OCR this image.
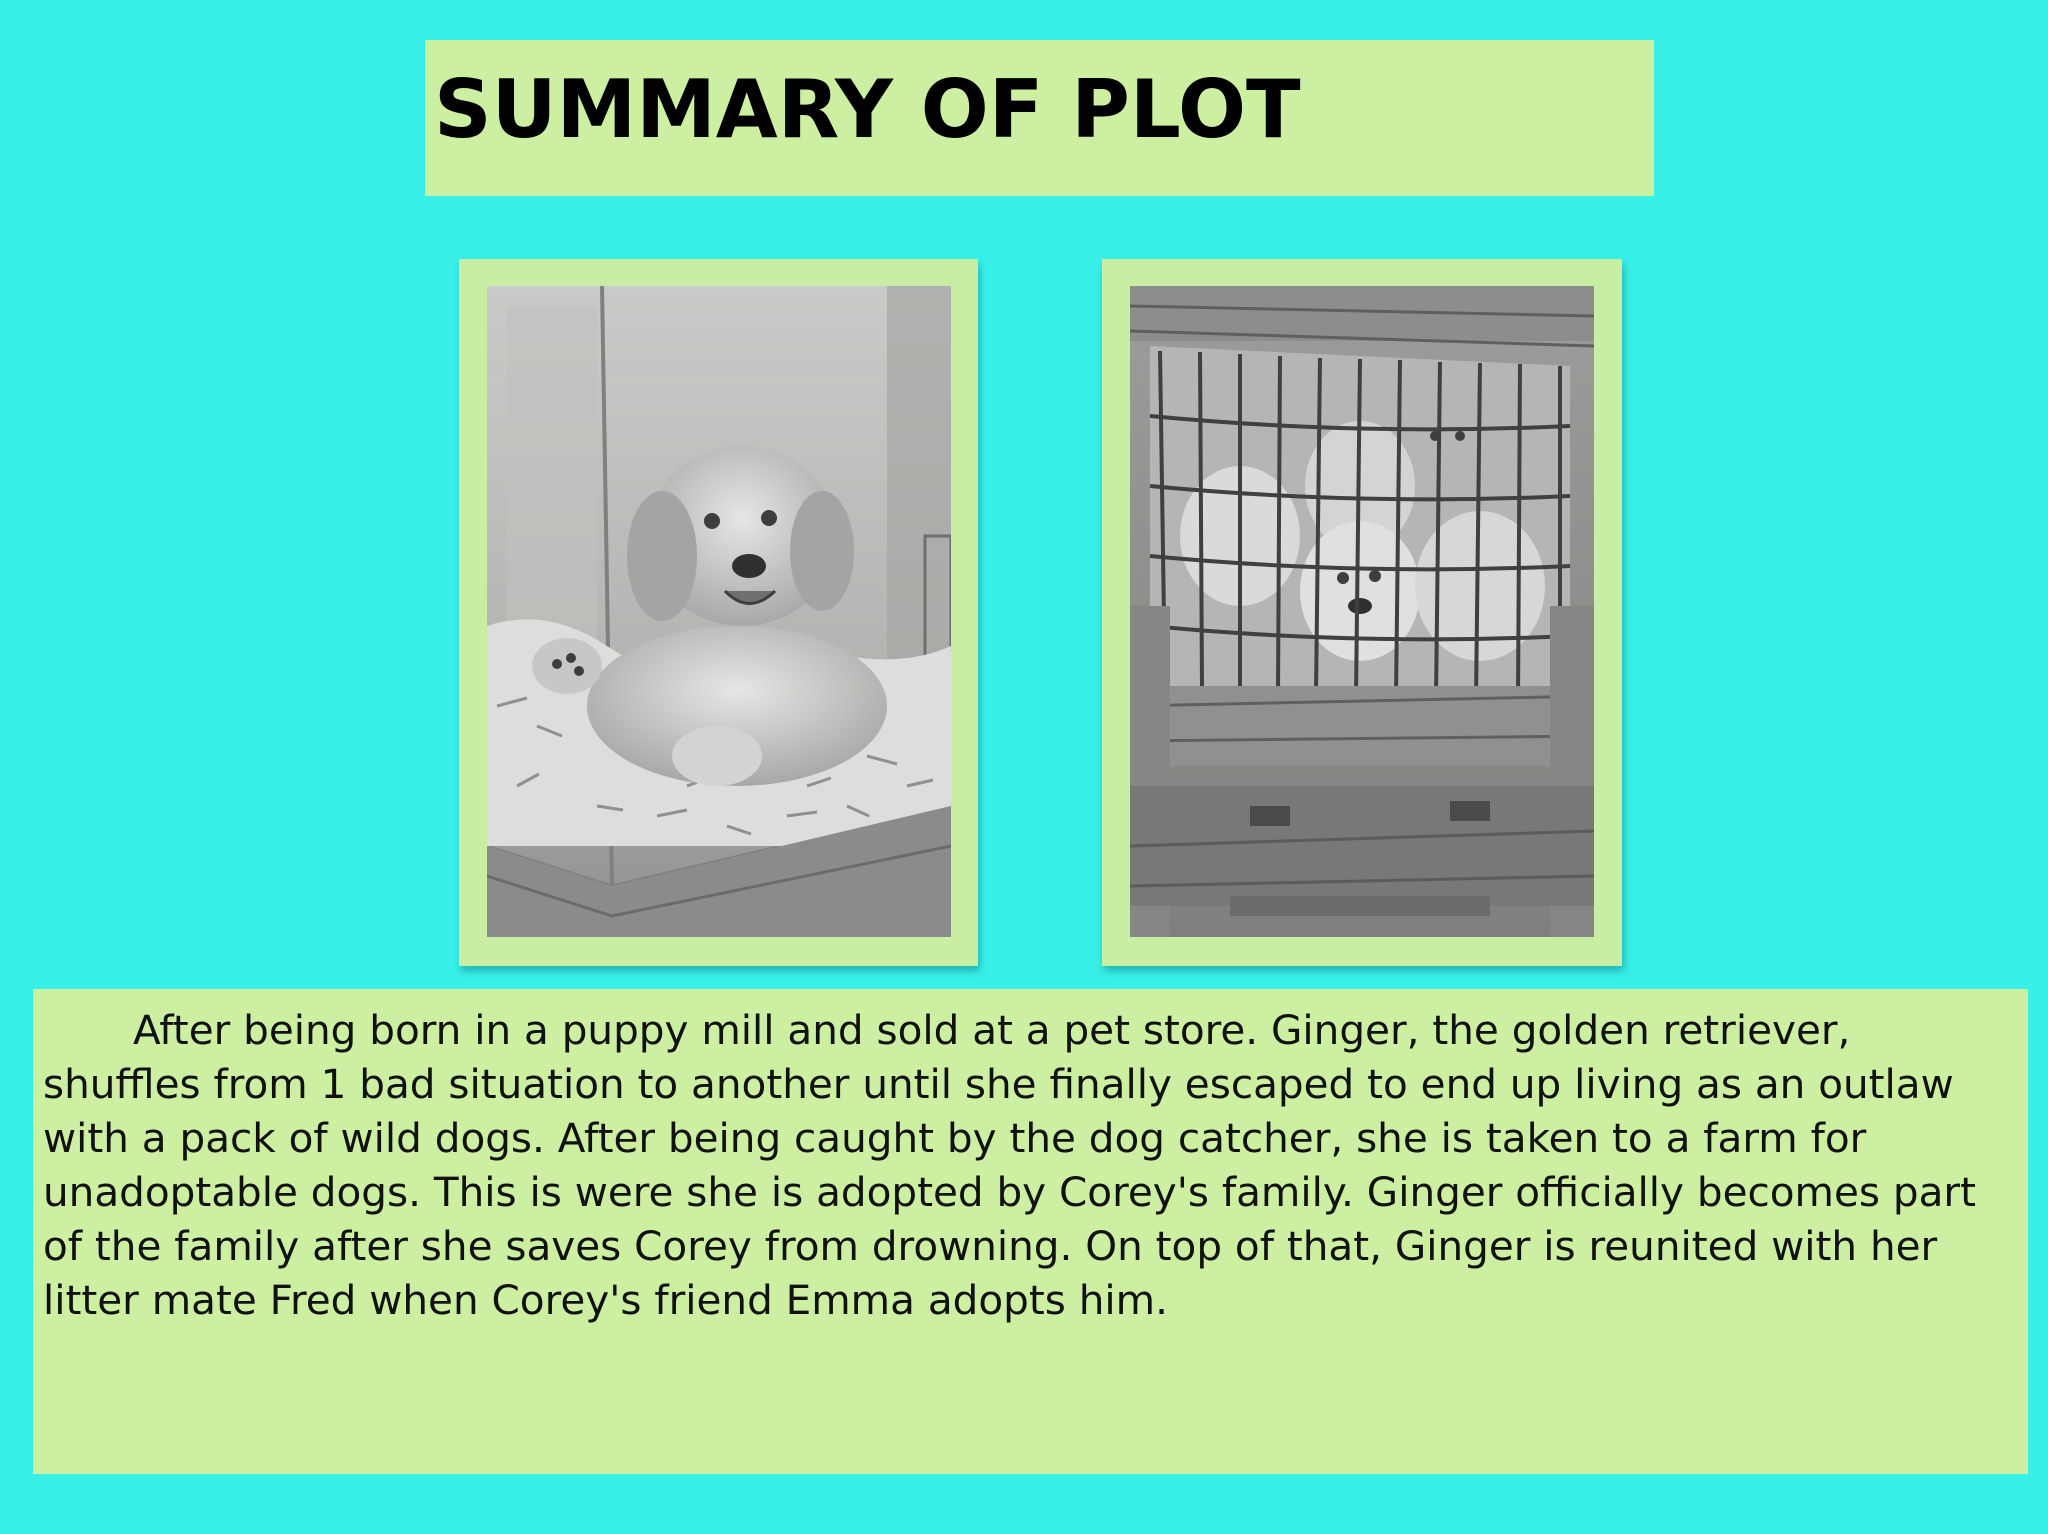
SUMMARY OF PLOT

After being born in a puppy mill and sold at a pet store. Ginger, the golden retriever, shuffles from 1 bad situation to another until she finally escaped to end up living as an outlaw with a pack of wild dogs. After being caught by the dog catcher, she is taken to a farm for unadoptable dogs. This is were she is adopted by Corey's family. Ginger officially becomes part of the family after she saves Corey from drowning. On top of that, Ginger is reunited with her litter mate Fred when Corey's friend Emma adopts him.
